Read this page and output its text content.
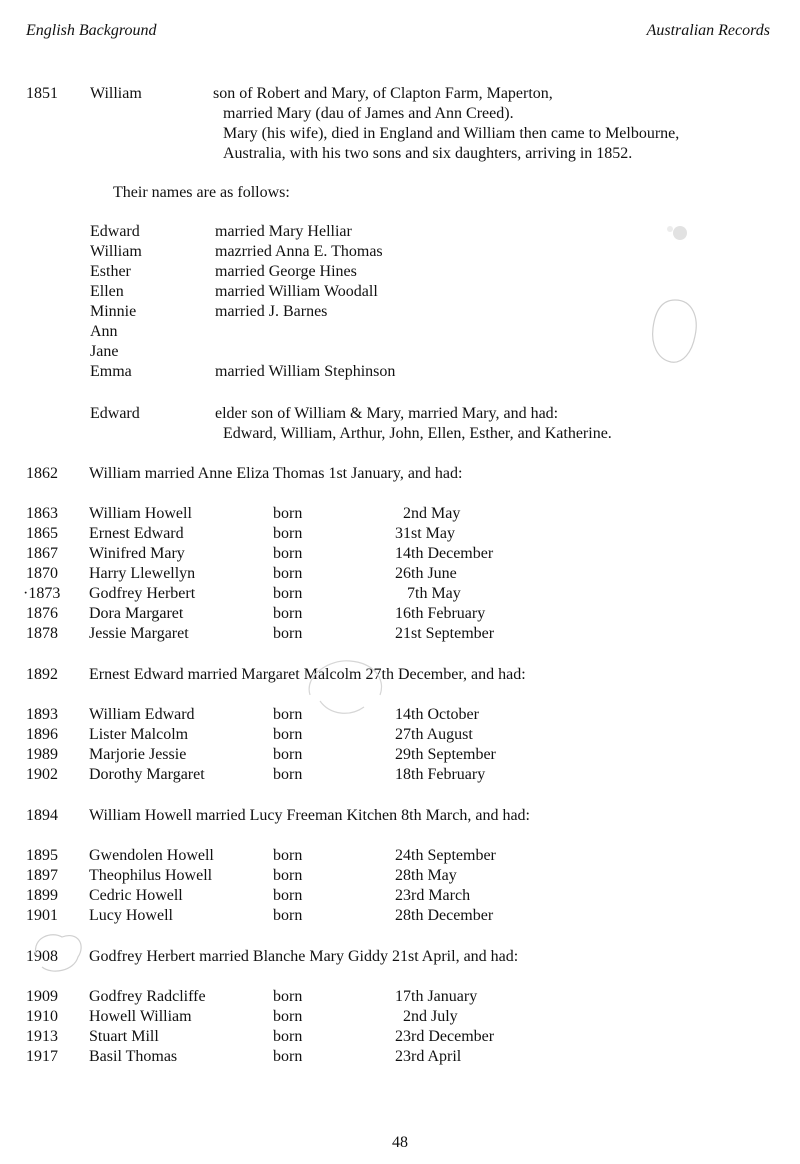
English Background	Australian Records
1851 William	son of Robert and Mary, of Clapton Farm, Maperton,
married Mary (dau of James and Ann Creed).
Mary (his wife), died in England and William then came to Melbourne,
Australia, with his two sons and six daughters, arriving in 1852.
Their names are as follows:
Edward	married Mary Helliar
William	mazrried Anna E. Thomas
Esther	married George Hines
Ellen	married William Woodall
Minnie	married J. Barnes
Ann
Jane
Emma	married William Stephinson
Edward	elder son of William & Mary, married Mary, and had:
Edward, William, Arthur, John, Ellen, Esther, and Katherine.
1862 William married Anne Eliza Thomas 1st January, and had:
1863 William Howell	born	2nd May
1865 Ernest Edward	born	31st May
1867 Winifred Mary	born	14th December
1870 Harry Llewellyn	born	26th June
·1873 Godfrey Herbert	born	7th May
1876 Dora Margaret	born	16th February
1878 Jessie Margaret	born	21st September
1892 Ernest Edward married Margaret Malcolm 27th December, and had:
1893 William Edward	born	14th October
1896 Lister Malcolm	born	27th August
1989 Marjorie Jessie	born	29th September
1902 Dorothy Margaret	born	18th February
1894 William Howell married Lucy Freeman Kitchen 8th March, and had:
1895 Gwendolen Howell	born	24th September
1897 Theophilus Howell	born	28th May
1899 Cedric Howell	born	23rd March
1901 Lucy Howell	born	28th December
1908 Godfrey Herbert married Blanche Mary Giddy 21st April, and had:
1909 Godfrey Radcliffe	born	17th January
1910 Howell William	born	2nd July
1913 Stuart Mill	born	23rd December
1917 Basil Thomas	born	23rd April
48
